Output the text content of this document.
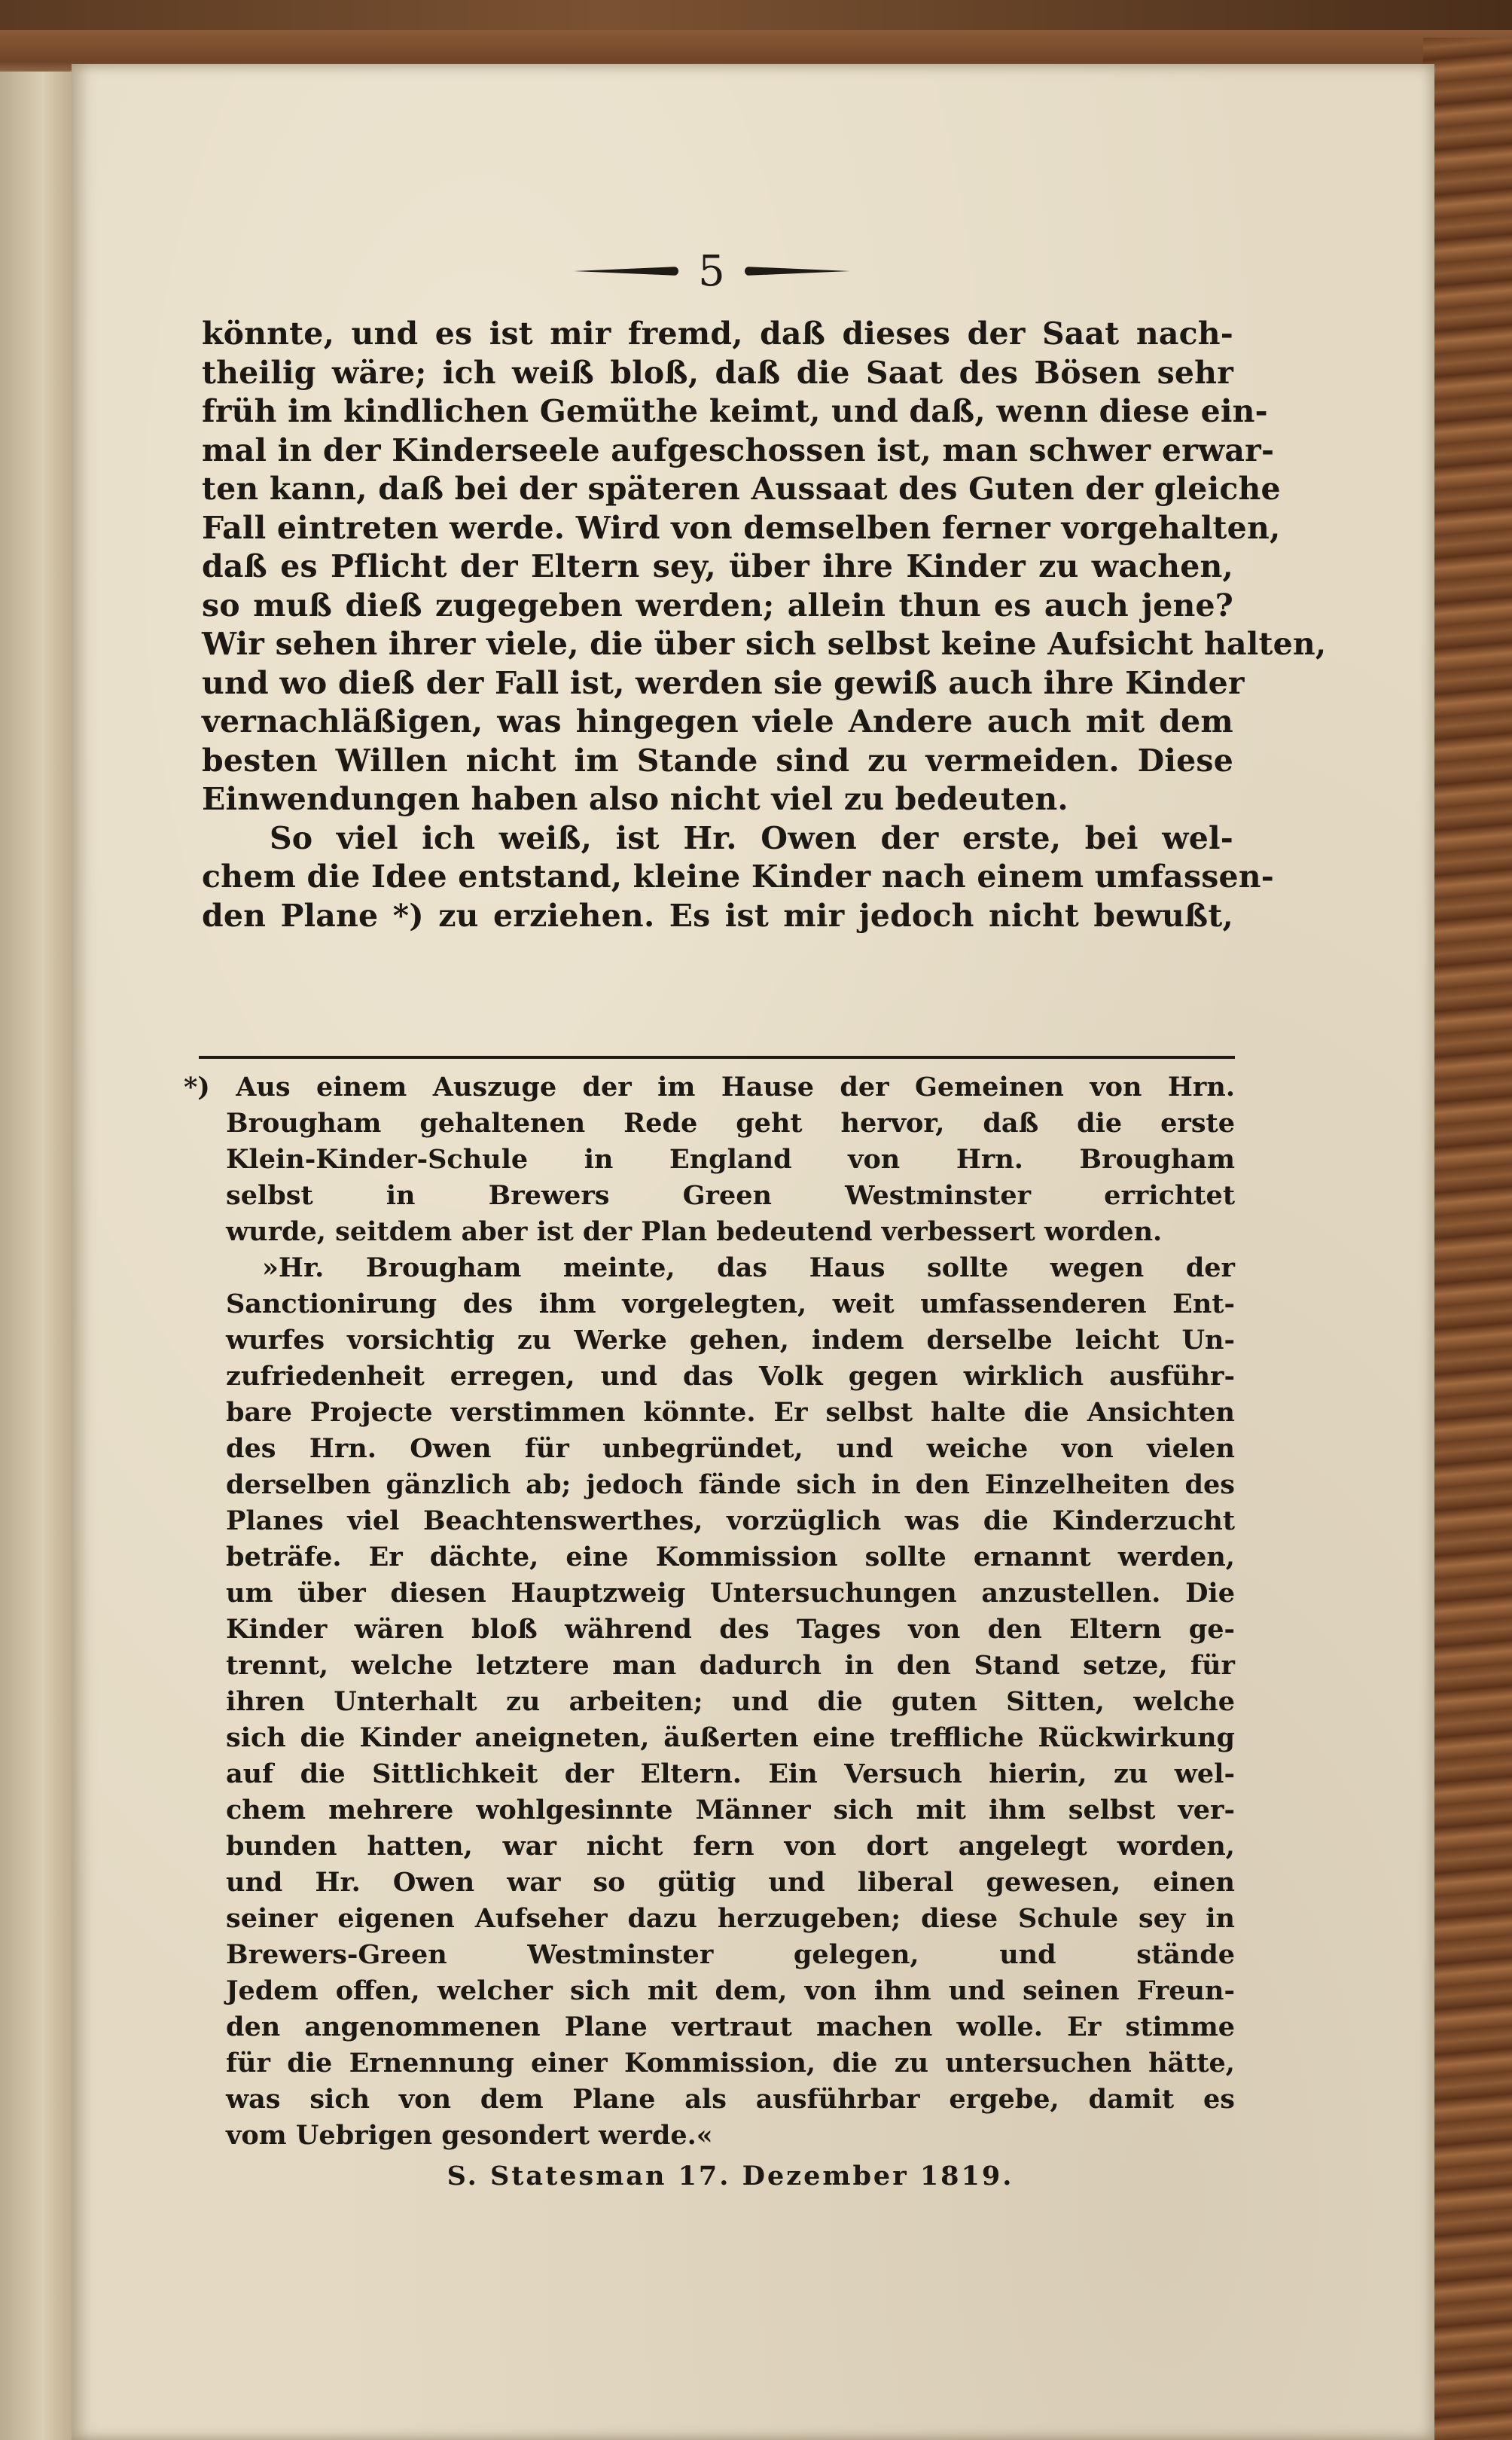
5
könnte, und es ist mir fremd, daß dieses der Saat nach-
theilig wäre; ich weiß bloß, daß die Saat des Bösen sehr
früh im kindlichen Gemüthe keimt, und daß, wenn diese ein-
mal in der Kinderseele aufgeschossen ist, man schwer erwar-
ten kann, daß bei der späteren Aussaat des Guten der gleiche
Fall eintreten werde. Wird von demselben ferner vorgehalten,
daß es Pflicht der Eltern sey, über ihre Kinder zu wachen,
so muß dieß zugegeben werden; allein thun es auch jene?
Wir sehen ihrer viele, die über sich selbst keine Aufsicht halten,
und wo dieß der Fall ist, werden sie gewiß auch ihre Kinder
vernachläßigen, was hingegen viele Andere auch mit dem
besten Willen nicht im Stande sind zu vermeiden. Diese
Einwendungen haben also nicht viel zu bedeuten.
So viel ich weiß, ist Hr. Owen der erste, bei wel-
chem die Idee entstand, kleine Kinder nach einem umfassen-
den Plane *) zu erziehen. Es ist mir jedoch nicht bewußt,
*) Aus einem Auszuge der im Hause der Gemeinen von Hrn.
Brougham gehaltenen Rede geht hervor, daß die erste
Klein-Kinder-Schule in England von Hrn. Brougham
selbst in Brewers Green Westminster errichtet
wurde, seitdem aber ist der Plan bedeutend verbessert worden.
»Hr. Brougham meinte, das Haus sollte wegen der
Sanctionirung des ihm vorgelegten, weit umfassenderen Ent-
wurfes vorsichtig zu Werke gehen, indem derselbe leicht Un-
zufriedenheit erregen, und das Volk gegen wirklich ausführ-
bare Projecte verstimmen könnte. Er selbst halte die Ansichten
des Hrn. Owen für unbegründet, und weiche von vielen
derselben gänzlich ab; jedoch fände sich in den Einzelheiten des
Planes viel Beachtenswerthes, vorzüglich was die Kinderzucht
beträfe. Er dächte, eine Kommission sollte ernannt werden,
um über diesen Hauptzweig Untersuchungen anzustellen. Die
Kinder wären bloß während des Tages von den Eltern ge-
trennt, welche letztere man dadurch in den Stand setze, für
ihren Unterhalt zu arbeiten; und die guten Sitten, welche
sich die Kinder aneigneten, äußerten eine treffliche Rückwirkung
auf die Sittlichkeit der Eltern. Ein Versuch hierin, zu wel-
chem mehrere wohlgesinnte Männer sich mit ihm selbst ver-
bunden hatten, war nicht fern von dort angelegt worden,
und Hr. Owen war so gütig und liberal gewesen, einen
seiner eigenen Aufseher dazu herzugeben; diese Schule sey in
Brewers-Green Westminster gelegen, und stände
Jedem offen, welcher sich mit dem, von ihm und seinen Freun-
den angenommenen Plane vertraut machen wolle. Er stimme
für die Ernennung einer Kommission, die zu untersuchen hätte,
was sich von dem Plane als ausführbar ergebe, damit es
vom Uebrigen gesondert werde.«
S. Statesman 17. Dezember 1819.
